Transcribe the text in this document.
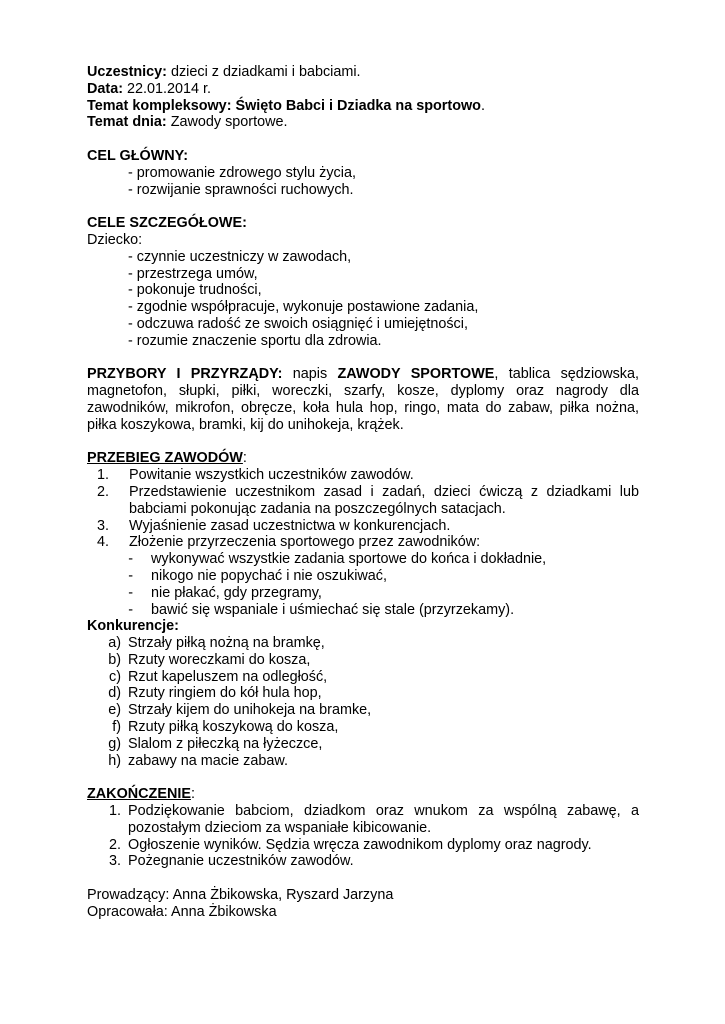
Uczestnicy: dzieci z dziadkami i babciami.
Data: 22.01.2014 r.
Temat kompleksowy: Święto Babci i Dziadka na sportowo.
Temat dnia: Zawody sportowe.
CEL GŁÓWNY:
- promowanie zdrowego stylu życia,
- rozwijanie sprawności ruchowych.
CELE SZCZEGÓŁOWE:
Dziecko:
- czynnie uczestniczy w zawodach,
- przestrzega umów,
- pokonuje trudności,
- zgodnie współpracuje, wykonuje postawione zadania,
- odczuwa radość ze swoich osiągnięć i umiejętności,
- rozumie znaczenie sportu dla zdrowia.
PRZYBORY I PRZYRZĄDY: napis ZAWODY SPORTOWE, tablica sędziowska, magnetofon, słupki, piłki, woreczki, szarfy, kosze, dyplomy oraz nagrody dla zawodników, mikrofon, obręcze, koła hula hop, ringo, mata do zabaw, piłka nożna, piłka koszykowa, bramki, kij do unihokeja, krążek.
PRZEBIEG ZAWODÓW:
1.	Powitanie wszystkich uczestników zawodów.
2.	Przedstawienie uczestnikom zasad i zadań, dzieci ćwiczą z dziadkami lub babciami pokonując zadania na poszczególnych satacjach.
3.	Wyjaśnienie zasad uczestnictwa w konkurencjach.
4.	Złożenie przyrzeczenia sportowego przez zawodników:
-	wykonywać wszystkie zadania sportowe do końca i dokładnie,
-	nikogo nie popychać i nie oszukiwać,
-	nie płakać, gdy przegramy,
-	bawić się wspaniale i uśmiechać się stale (przyrzekamy).
Konkurencje:
a) Strzały piłką nożną na bramkę,
b) Rzuty woreczkami do kosza,
c) Rzut kapeluszem na odległość,
d) Rzuty ringiem do kół hula hop,
e) Strzały kijem do unihokeja na bramke,
f) Rzuty piłką koszykową do kosza,
g) Slalom z piłeczką na łyżeczce,
h) zabawy na macie zabaw.
ZAKOŃCZENIE:
1. Podziękowanie babciom, dziadkom oraz wnukom za wspólną zabawę, a pozostałym dzieciom za wspaniałe kibicowanie.
2. Ogłoszenie wyników. Sędzia wręcza zawodnikom dyplomy oraz nagrody.
3. Pożegnanie uczestników zawodów.
Prowadzący: Anna Żbikowska, Ryszard Jarzyna
Opracowała: Anna Żbikowska
